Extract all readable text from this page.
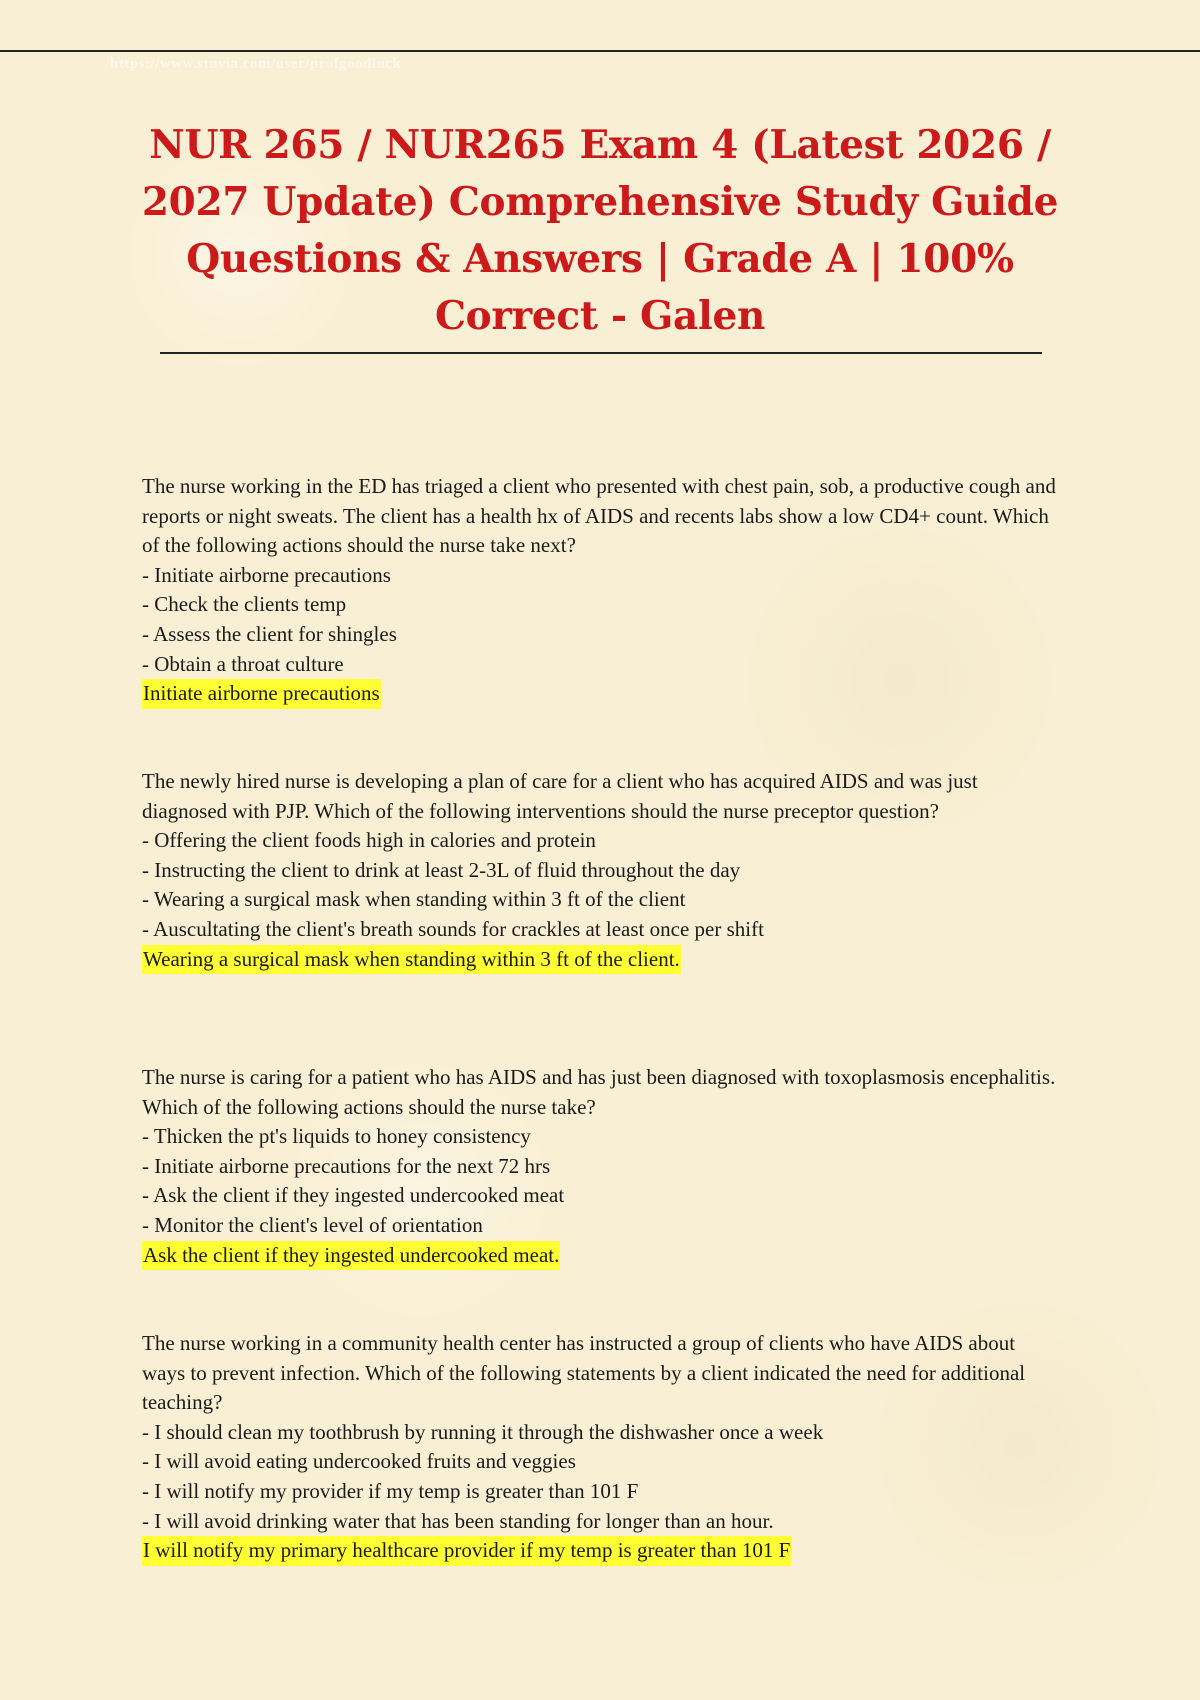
https://www.stuvia.com/user/profgoodluck
NUR 265 / NUR265 Exam 4 (Latest 2026 / 2027 Update) Comprehensive Study Guide Questions & Answers | Grade A | 100% Correct - Galen

The nurse working in the ED has triaged a client who presented with chest pain, sob, a productive cough and reports or night sweats. The client has a health hx of AIDS and recents labs show a low CD4+ count. Which of the following actions should the nurse take next?

- Initiate airborne precautions
- Check the clients temp
- Assess the client for shingles
- Obtain a throat culture
Initiate airborne precautions

The newly hired nurse is developing a plan of care for a client who has acquired AIDS and was just diagnosed with PJP. Which of the following interventions should the nurse preceptor question?

- Offering the client foods high in calories and protein
- Instructing the client to drink at least 2-3L of fluid throughout the day
- Wearing a surgical mask when standing within 3 ft of the client
- Auscultating the client's breath sounds for crackles at least once per shift
Wearing a surgical mask when standing within 3 ft of the client.

The nurse is caring for a patient who has AIDS and has just been diagnosed with toxoplasmosis encephalitis. Which of the following actions should the nurse take?

- Thicken the pt's liquids to honey consistency
- Initiate airborne precautions for the next 72 hrs
- Ask the client if they ingested undercooked meat
- Monitor the client's level of orientation
Ask the client if they ingested undercooked meat.

The nurse working in a community health center has instructed a group of clients who have AIDS about ways to prevent infection. Which of the following statements by a client indicated the need for additional teaching?

- I should clean my toothbrush by running it through the dishwasher once a week
- I will avoid eating undercooked fruits and veggies
- I will notify my provider if my temp is greater than 101 F
- I will avoid drinking water that has been standing for longer than an hour.
I will notify my primary healthcare provider if my temp is greater than 101 F
